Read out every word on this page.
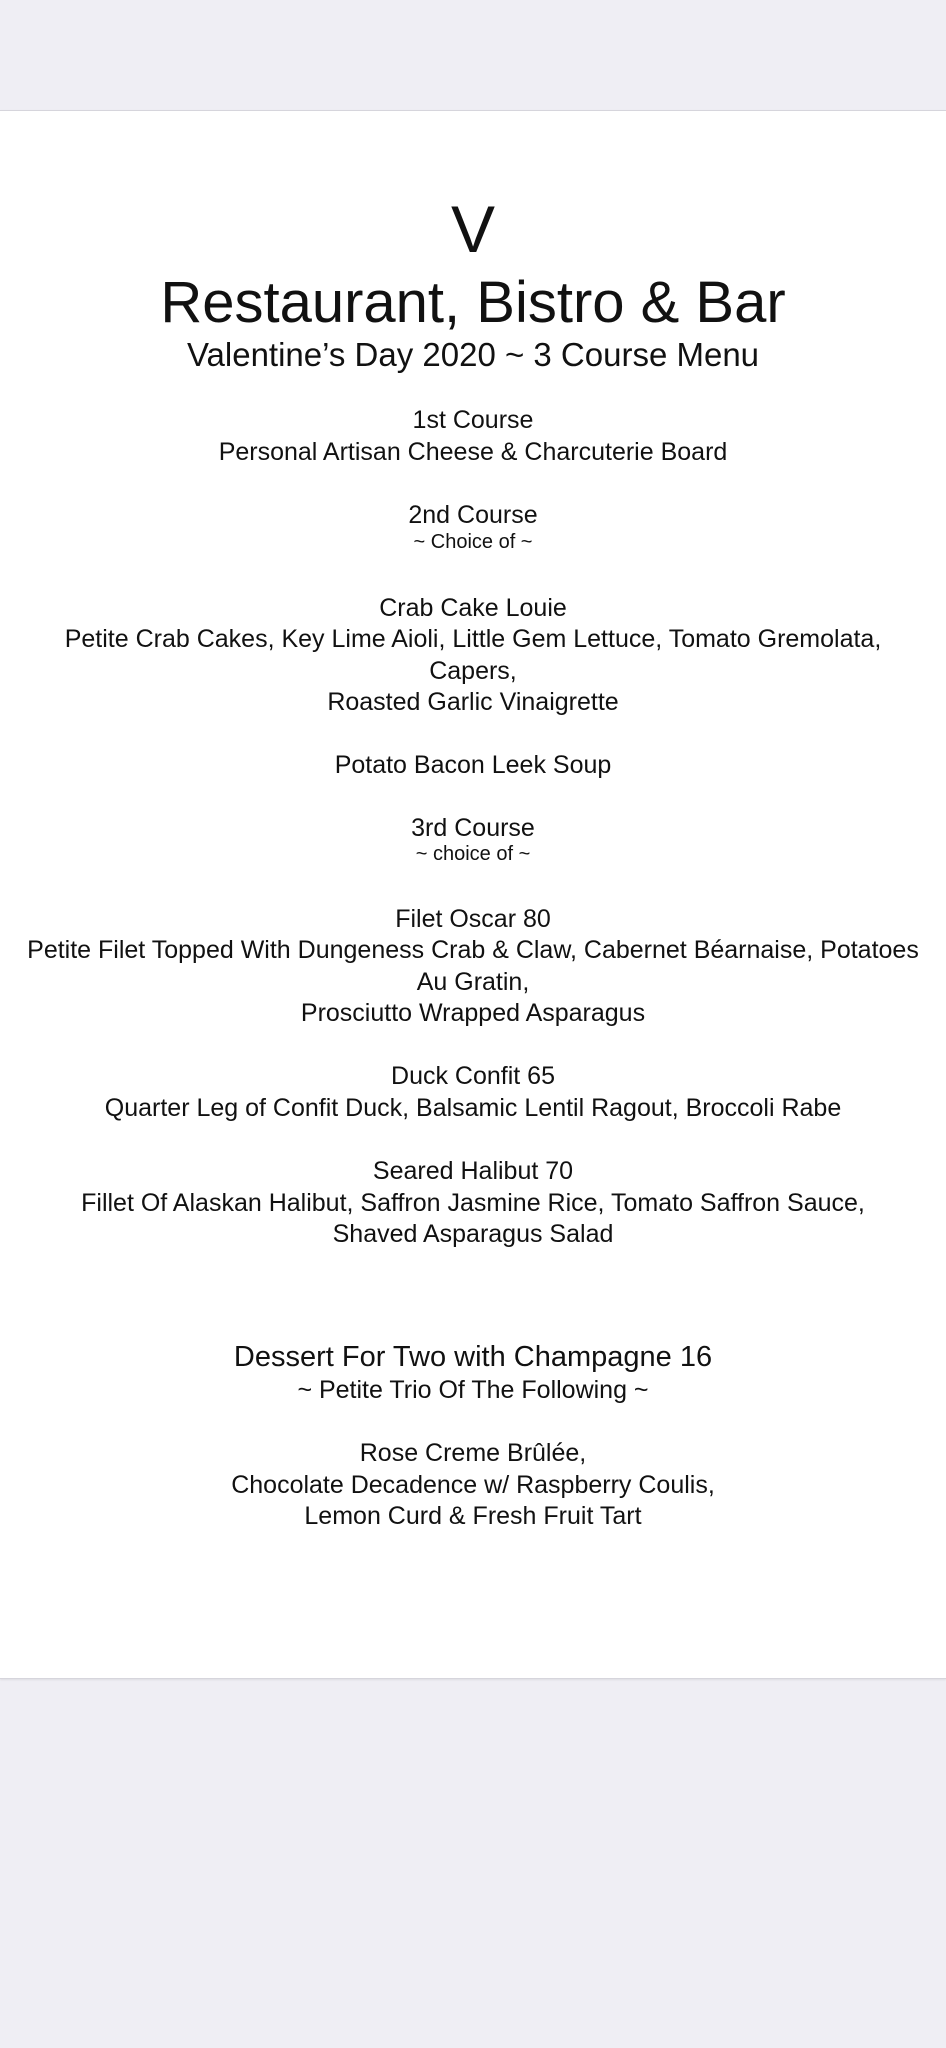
V
Restaurant, Bistro & Bar
Valentine’s Day 2020 ~ 3 Course Menu
1st Course
Personal Artisan Cheese & Charcuterie Board
2nd Course
~ Choice of ~
Crab Cake Louie
Petite Crab Cakes, Key Lime Aioli, Little Gem Lettuce, Tomato Gremolata,
Capers,
Roasted Garlic Vinaigrette
Potato Bacon Leek Soup
3rd Course
~ choice of ~
Filet Oscar 80
Petite Filet Topped With Dungeness Crab & Claw, Cabernet Béarnaise, Potatoes
Au Gratin,
Prosciutto Wrapped Asparagus
Duck Confit 65
Quarter Leg of Confit Duck, Balsamic Lentil Ragout, Broccoli Rabe
Seared Halibut 70
Fillet Of Alaskan Halibut, Saffron Jasmine Rice, Tomato Saffron Sauce,
Shaved Asparagus Salad
Dessert For Two with Champagne 16
~ Petite Trio Of The Following ~
Rose Creme Brûlée,
Chocolate Decadence w/ Raspberry Coulis,
Lemon Curd & Fresh Fruit Tart
